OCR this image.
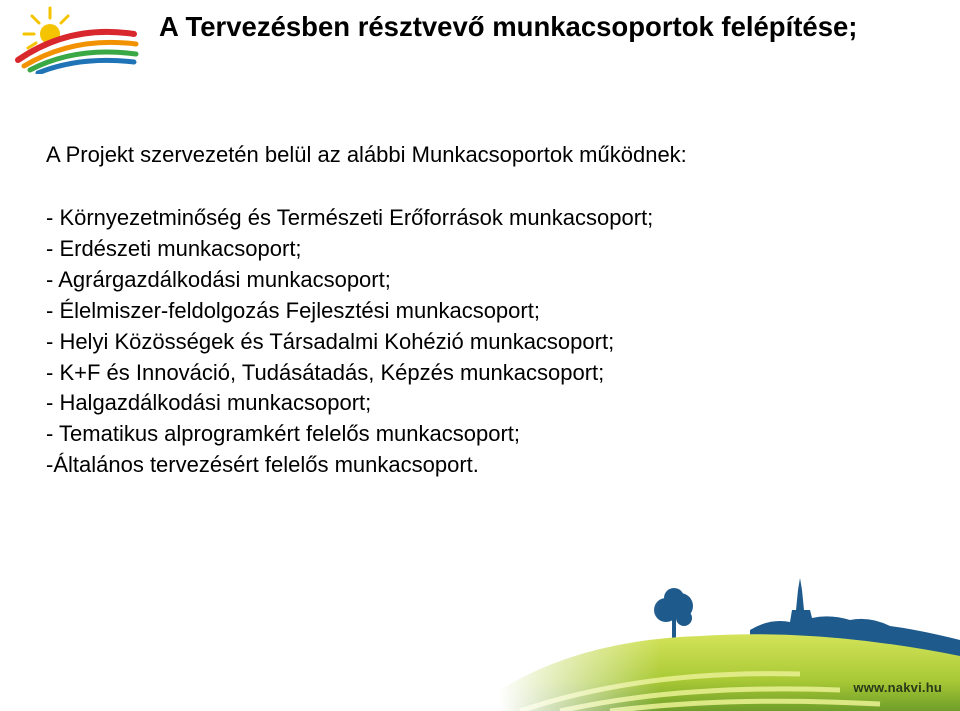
A Tervezésben résztvevő munkacsoportok felépítése;

A Projekt szervezetén belül az alábbi Munkacsoportok működnek:

- Környezetminőség és Természeti Erőforrások munkacsoport;
- Erdészeti munkacsoport;
- Agrárgazdálkodási munkacsoport;
- Élelmiszer-feldolgozás Fejlesztési munkacsoport;
- Helyi Közösségek és Társadalmi Kohézió munkacsoport;
- K+F és Innováció, Tudásátadás, Képzés munkacsoport;
- Halgazdálkodási munkacsoport;
- Tematikus alprogramkért felelős munkacsoport;
-Általános tervezésért felelős munkacsoport.
www.nakvi.hu
